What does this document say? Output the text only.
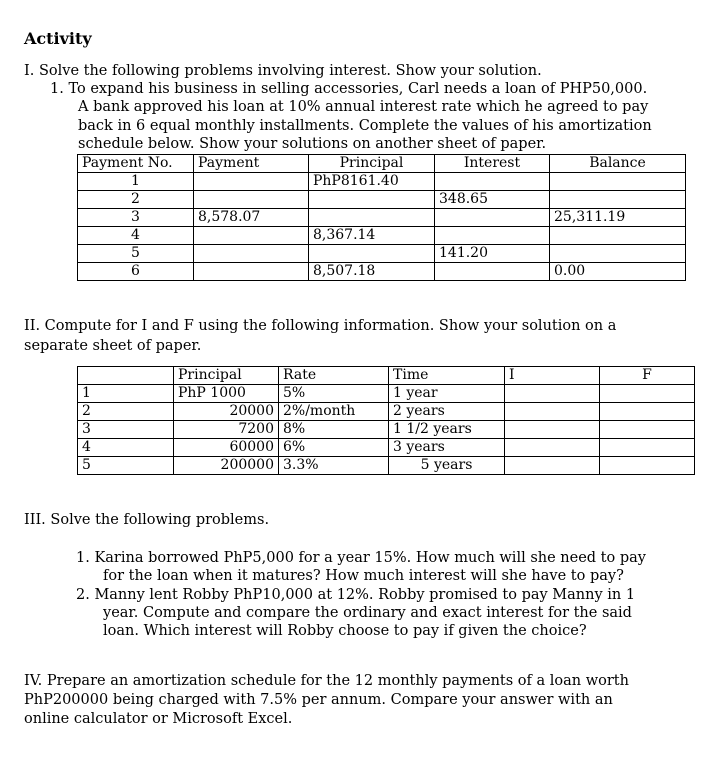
Activity
I. Solve the following problems involving interest. Show your solution.
1. To expand his business in selling accessories, Carl needs a loan of PHP50,000.
A bank approved his loan at 10% annual interest rate which he agreed to pay
back in 6 equal monthly installments. Complete the values of his amortization
schedule below. Show your solutions on another sheet of paper.
Payment No.	Payment	Principal	Interest	Balance
1		PhP8161.40		
2			348.65	
3	8,578.07			25,311.19
4		8,367.14		
5			141.20	
6		8,507.18		0.00
II. Compute for I and F using the following information. Show your solution on a
separate sheet of paper.
	Principal	Rate	Time	I	F
1	PhP 1000	5%	1 year		
2	20000	2%/month	2 years		
3	7200	8%	1 1/2 years		
4	60000	6%	3 years		
5	200000	3.3%	5 years		
III. Solve the following problems.
1. Karina borrowed PhP5,000 for a year 15%. How much will she need to pay
for the loan when it matures? How much interest will she have to pay?
2. Manny lent Robby PhP10,000 at 12%. Robby promised to pay Manny in 1
year. Compute and compare the ordinary and exact interest for the said
loan. Which interest will Robby choose to pay if given the choice?
IV. Prepare an amortization schedule for the 12 monthly payments of a loan worth
PhP200000 being charged with 7.5% per annum. Compare your answer with an
online calculator or Microsoft Excel.
